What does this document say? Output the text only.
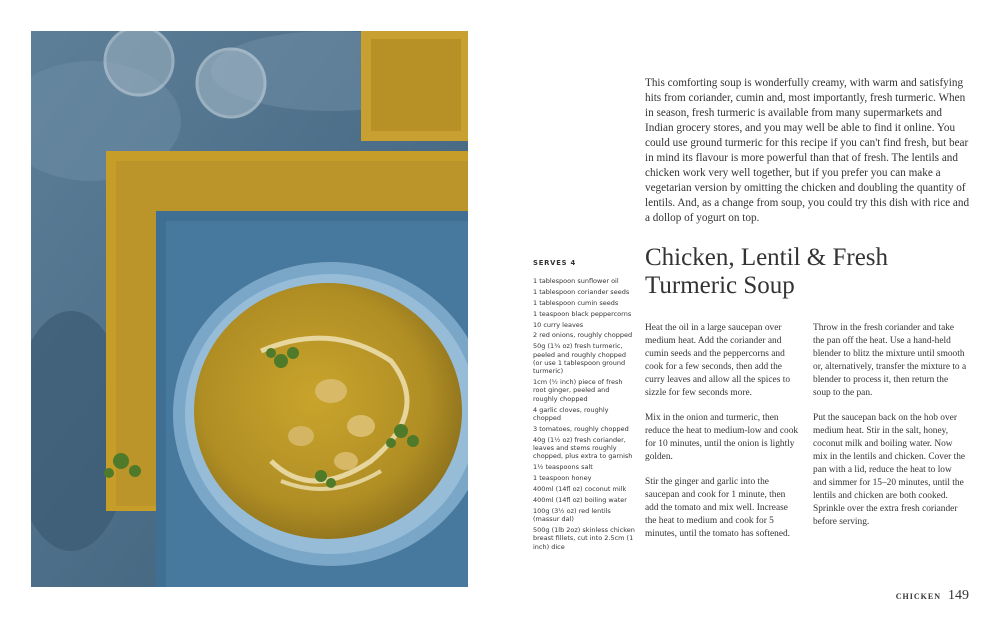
This comforting soup is wonderfully creamy, with warm and satisfying hits from coriander, cumin and, most importantly, fresh turmeric. When in season, fresh turmeric is available from many supermarkets and Indian grocery stores, and you may well be able to find it online. You could use ground turmeric for this recipe if you can't find fresh, but bear in mind its flavour is more powerful than that of fresh. The lentils and chicken work very well together, but if you prefer you can make a vegetarian version by omitting the chicken and doubling the quantity of lentils. And, as a change from soup, you could try this dish with rice and a dollop of yogurt on top.

Chicken, Lentil & Fresh Turmeric Soup
SERVES 4
1 tablespoon sunflower oil
1 tablespoon coriander seeds
1 tablespoon cumin seeds
1 teaspoon black peppercorns
10 curry leaves
2 red onions, roughly chopped
50g (1¾ oz) fresh turmeric, peeled and roughly chopped (or use 1 tablespoon ground turmeric)
1cm (½ inch) piece of fresh root ginger, peeled and roughly chopped
4 garlic cloves, roughly chopped
3 tomatoes, roughly chopped
40g (1½ oz) fresh coriander, leaves and stems roughly chopped, plus extra to garnish
1½ teaspoons salt
1 teaspoon honey
400ml (14fl oz) coconut milk
400ml (14fl oz) boiling water
100g (3½ oz) red lentils (massur dal)
500g (1lb 2oz) skinless chicken breast fillets, cut into 2.5cm (1 inch) dice

Heat the oil in a large saucepan over medium heat. Add the coriander and cumin seeds and the peppercorns and cook for a few seconds, then add the curry leaves and allow all the spices to sizzle for few seconds more.

Mix in the onion and turmeric, then reduce the heat to medium-low and cook for 10 minutes, until the onion is lightly golden.

Stir the ginger and garlic into the saucepan and cook for 1 minute, then add the tomato and mix well. Increase the heat to medium and cook for 5 minutes, until the tomato has softened.

Throw in the fresh coriander and take the pan off the heat. Use a hand-held blender to blitz the mixture until smooth or, alternatively, transfer the mixture to a blender to process it, then return the soup to the pan.

Put the saucepan back on the hob over medium heat. Stir in the salt, honey, coconut milk and boiling water. Now mix in the lentils and chicken. Cover the pan with a lid, reduce the heat to low and simmer for 15–20 minutes, until the lentils and chicken are both cooked. Sprinkle over the extra fresh coriander before serving.

CHICKEN 149
